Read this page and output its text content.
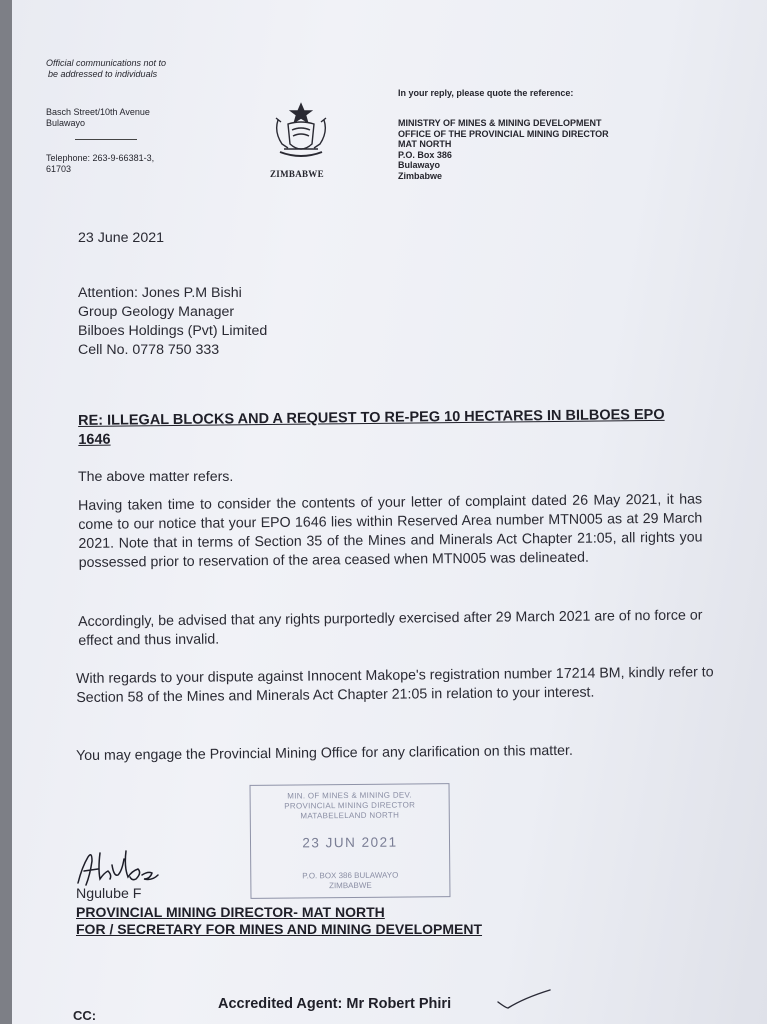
Official communications not to
be addressed to individuals
Basch Street/10th Avenue
Bulawayo
Telephone: 263-9-66381-3,
61703	ZIMBABWE
In your reply, please quote the reference:
MINISTRY OF MINES & MINING DEVELOPMENT
OFFICE OF THE PROVINCIAL MINING DIRECTOR
MAT NORTH
P.O. Box 386
Bulawayo
Zimbabwe
23 June 2021
Attention: Jones P.M Bishi
Group Geology Manager
Bilboes Holdings (Pvt) Limited
Cell No. 0778 750 333
RE: ILLEGAL BLOCKS AND A REQUEST TO RE-PEG 10 HECTARES IN BILBOES EPO
1646
The above matter refers.
Having taken time to consider the contents of your letter of complaint dated 26 May 2021, it has come to our notice that your EPO 1646 lies within Reserved Area number MTN005 as at 29 March 2021. Note that in terms of Section 35 of the Mines and Minerals Act Chapter 21:05, all rights you possessed prior to reservation of the area ceased when MTN005 was delineated.
Accordingly, be advised that any rights purportedly exercised after 29 March 2021 are of no force or effect and thus invalid.
With regards to your dispute against Innocent Makope's registration number 17214 BM, kindly refer to Section 58 of the Mines and Minerals Act Chapter 21:05 in relation to your interest.
You may engage the Provincial Mining Office for any clarification on this matter.
MIN. OF MINES & MINING DEV.
PROVINCIAL MINING DIRECTOR
MATABELELAND NORTH
23 JUN 2021
P.O. BOX 386 BULAWAYO
ZIMBABWE
Ngulube F
PROVINCIAL MINING DIRECTOR- MAT NORTH
FOR / SECRETARY FOR MINES AND MINING DEVELOPMENT
CC:
Accredited Agent: Mr Robert Phiri
